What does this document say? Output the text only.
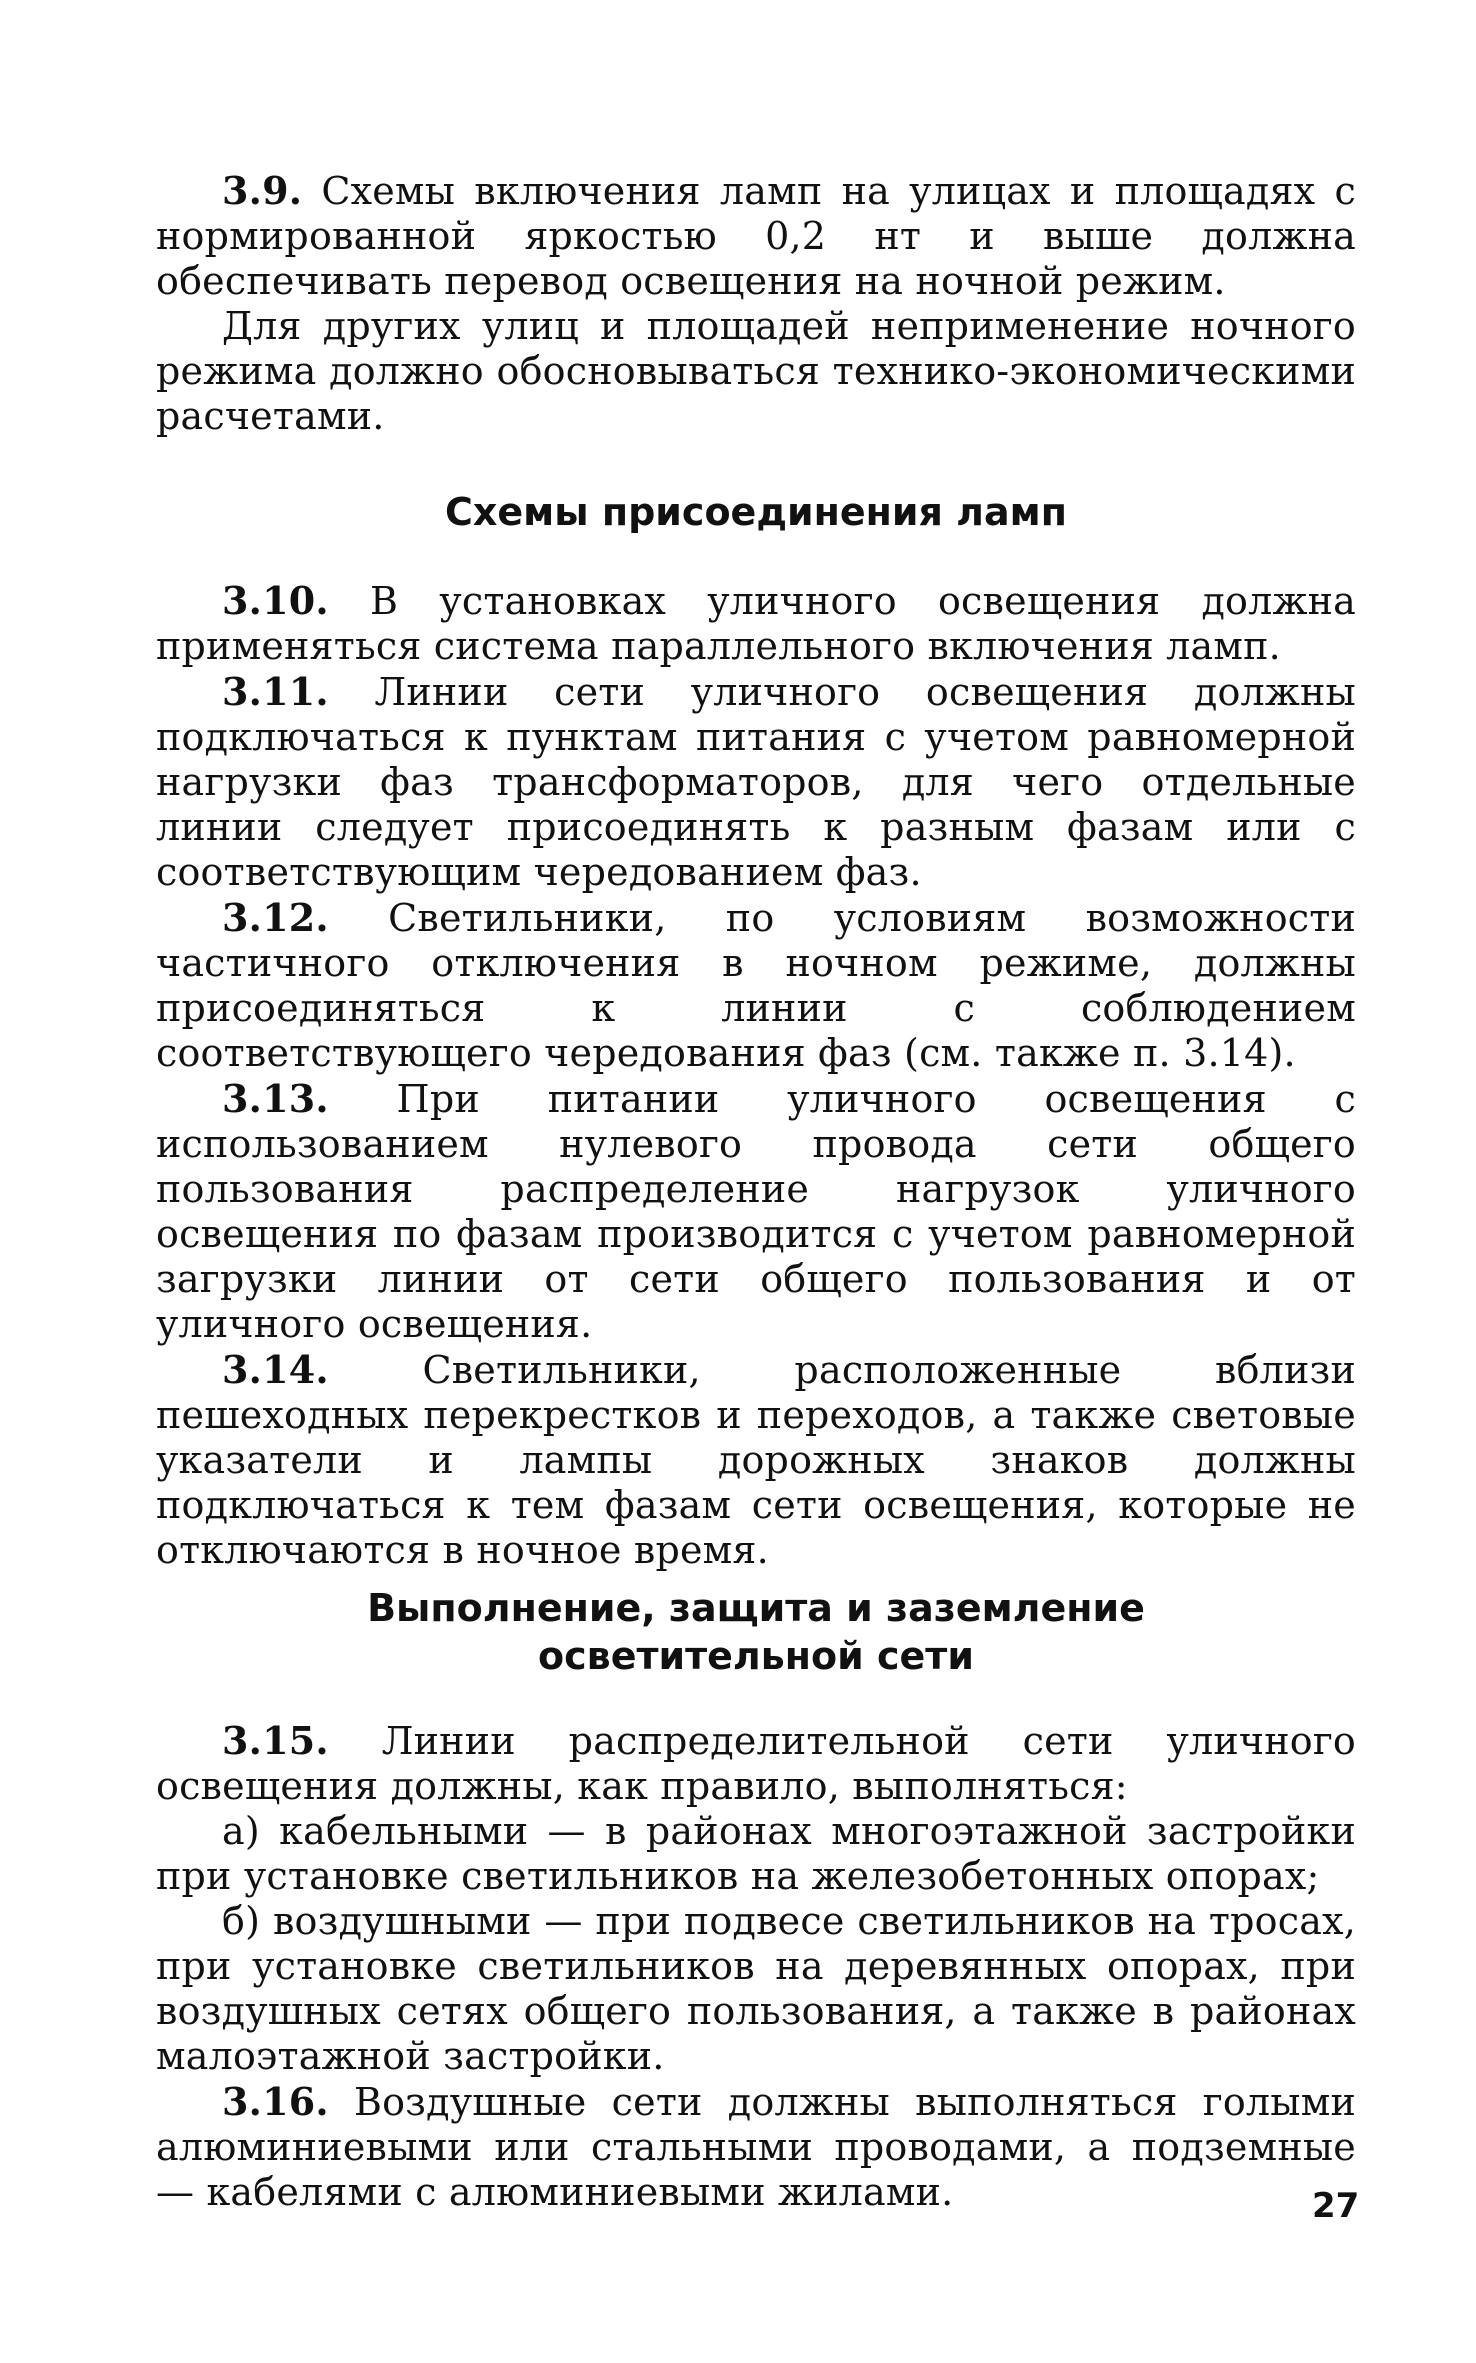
3.9. Схемы включения ламп на улицах и площадях с нормированной яркостью 0,2 нт и выше должна обеспечивать перевод освещения на ночной режим.

Для других улиц и площадей неприменение ночного режима должно обосновываться технико-экономическими расчетами.

Схемы присоединения ламп

3.10. В установках уличного освещения должна применяться система параллельного включения ламп.

3.11. Линии сети уличного освещения должны подключаться к пунктам питания с учетом равномерной нагрузки фаз трансформаторов, для чего отдельные линии следует присоединять к разным фазам или с соответствующим чередованием фаз.

3.12. Светильники, по условиям возможности частичного отключения в ночном режиме, должны присоединяться к линии с соблюдением соответствующего чередования фаз (см. также п. 3.14).

3.13. При питании уличного освещения с использованием нулевого провода сети общего пользования распределение нагрузок уличного освещения по фазам производится с учетом равномерной загрузки линии от сети общего пользования и от уличного освещения.

3.14. Светильники, расположенные вблизи пешеходных перекрестков и переходов, а также световые указатели и лампы дорожных знаков должны подключаться к тем фазам сети освещения, которые не отключаются в ночное время.

Выполнение, защита и заземление

осветительной сети

3.15. Линии распределительной сети уличного освещения должны, как правило, выполняться:

а) кабельными — в районах многоэтажной застройки при установке светильников на железобетонных опорах;

б) воздушными — при подвесе светильников на тросах, при установке светильников на деревянных опорах, при воздушных сетях общего пользования, а также в районах малоэтажной застройки.

3.16. Воздушные сети должны выполняться голыми алюминиевыми или стальными проводами, а подземные — кабелями с алюминиевыми жилами.	27
